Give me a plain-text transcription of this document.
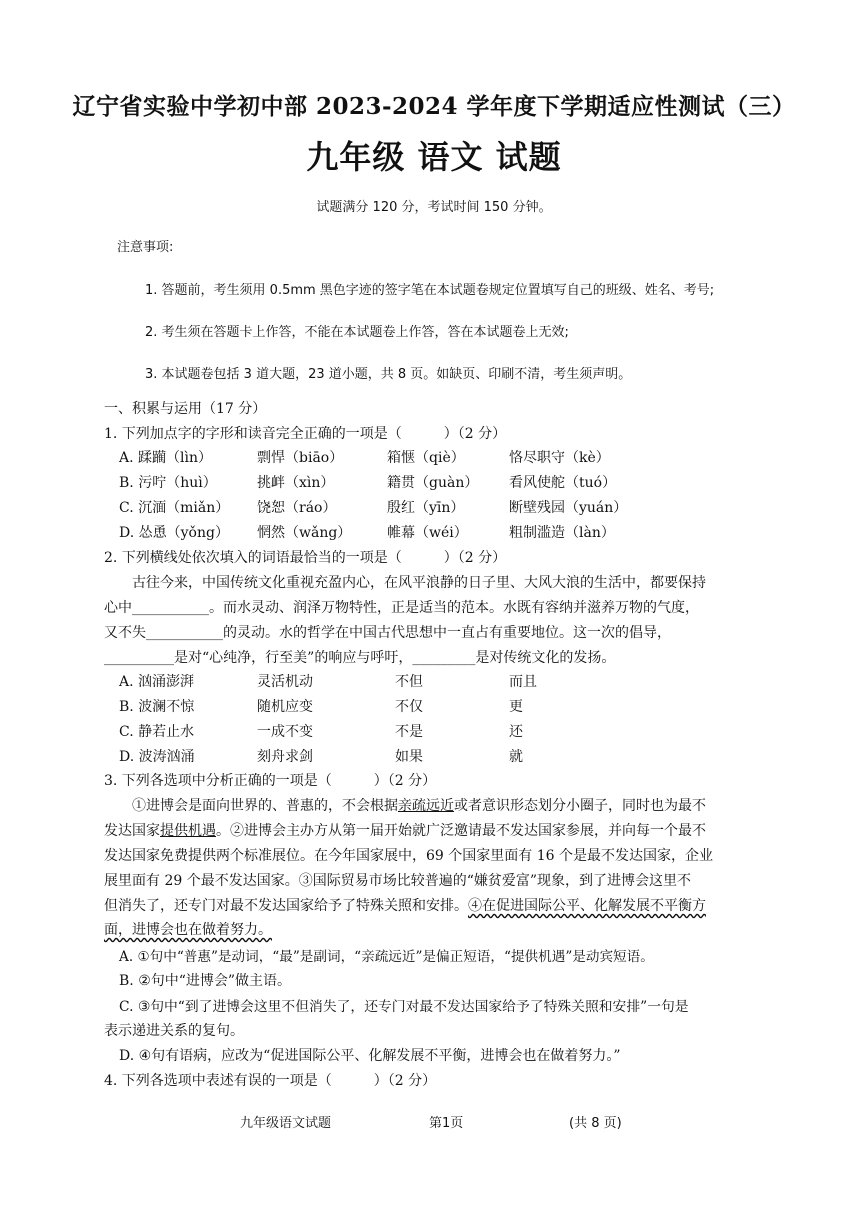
辽宁省实验中学初中部 2023-2024 学年度下学期适应性测试（三）
九年级 语文 试题
试题满分 120 分，考试时间 150 分钟。
注意事项:
1. 答题前，考生须用 0.5mm 黑色字迹的签字笔在本试题卷规定位置填写自己的班级、姓名、考号;
2. 考生须在答题卡上作答，不能在本试题卷上作答，答在本试题卷上无效;
3. 本试题卷包括 3 道大题，23 道小题，共 8 页。如缺页、印刷不清，考生须声明。
一、积累与运用（17 分）
1. 下列加点字的字形和读音完全正确的一项是（　　　）（2 分）
A. 蹂躏（lìn）	剽悍（biāo）	箱惬（qiè）	恪尽职守（kè）
B. 污咛（huì）	挑衅（xìn）	籍贯（guàn） 看风使舵（tuó）
C. 沉湎（miǎn） 饶恕（ráo）	殷红（yīn）	断壁残园（yuán）
D. 怂恿（yǒng） 惘然（wǎng）	帷幕（wéi）	粗制滥造（làn）
2. 下列横线处依次填入的词语最恰当的一项是（　　　）（2 分）
古往今来，中国传统文化重视充盈内心，在风平浪静的日子里、大风大浪的生活中，都要保持
心中___________。而水灵动、润泽万物特性，正是适当的范本。水既有容纳并滋养万物的气度，
又不失___________的灵动。水的哲学在中国古代思想中一直占有重要地位。这一次的倡导，
__________是对“心纯净，行至美”的响应与呼吁，_________是对传统文化的发扬。
A. 汹涌澎湃	灵活机动	不但	而且
B. 波澜不惊	随机应变	不仅	更
C. 静若止水	一成不变	不是	还
D. 波涛汹涌	刻舟求剑	如果	就
3. 下列各选项中分析正确的一项是（　　　）（2 分）
①进博会是面向世界的、普惠的，不会根据亲疏远近或者意识形态划分小圈子，同时也为最不
发达国家提供机遇。②进博会主办方从第一届开始就广泛邀请最不发达国家参展，并向每一个最不
发达国家免费提供两个标准展位。在今年国家展中，69 个国家里面有 16 个是最不发达国家，企业
展里面有 29 个最不发达国家。③国际贸易市场比较普遍的“嫌贫爱富”现象，到了进博会这里不
但消失了，还专门对最不发达国家给予了特殊关照和安排。④在促进国际公平、化解发展不平衡方
面，进博会也在做着努力。
A. ①句中“普惠”是动词，“最”是副词，“亲疏远近”是偏正短语，“提供机遇”是动宾短语。
B. ②句中“进博会”做主语。
C. ③句中“到了进博会这里不但消失了，还专门对最不发达国家给予了特殊关照和安排”一句是
表示递进关系的复句。
D. ④句有语病，应改为“促进国际公平、化解发展不平衡，进博会也在做着努力。”
4. 下列各选项中表述有误的一项是（　　　）（2 分）
九年级语文试题	第1页	(共 8 页)
